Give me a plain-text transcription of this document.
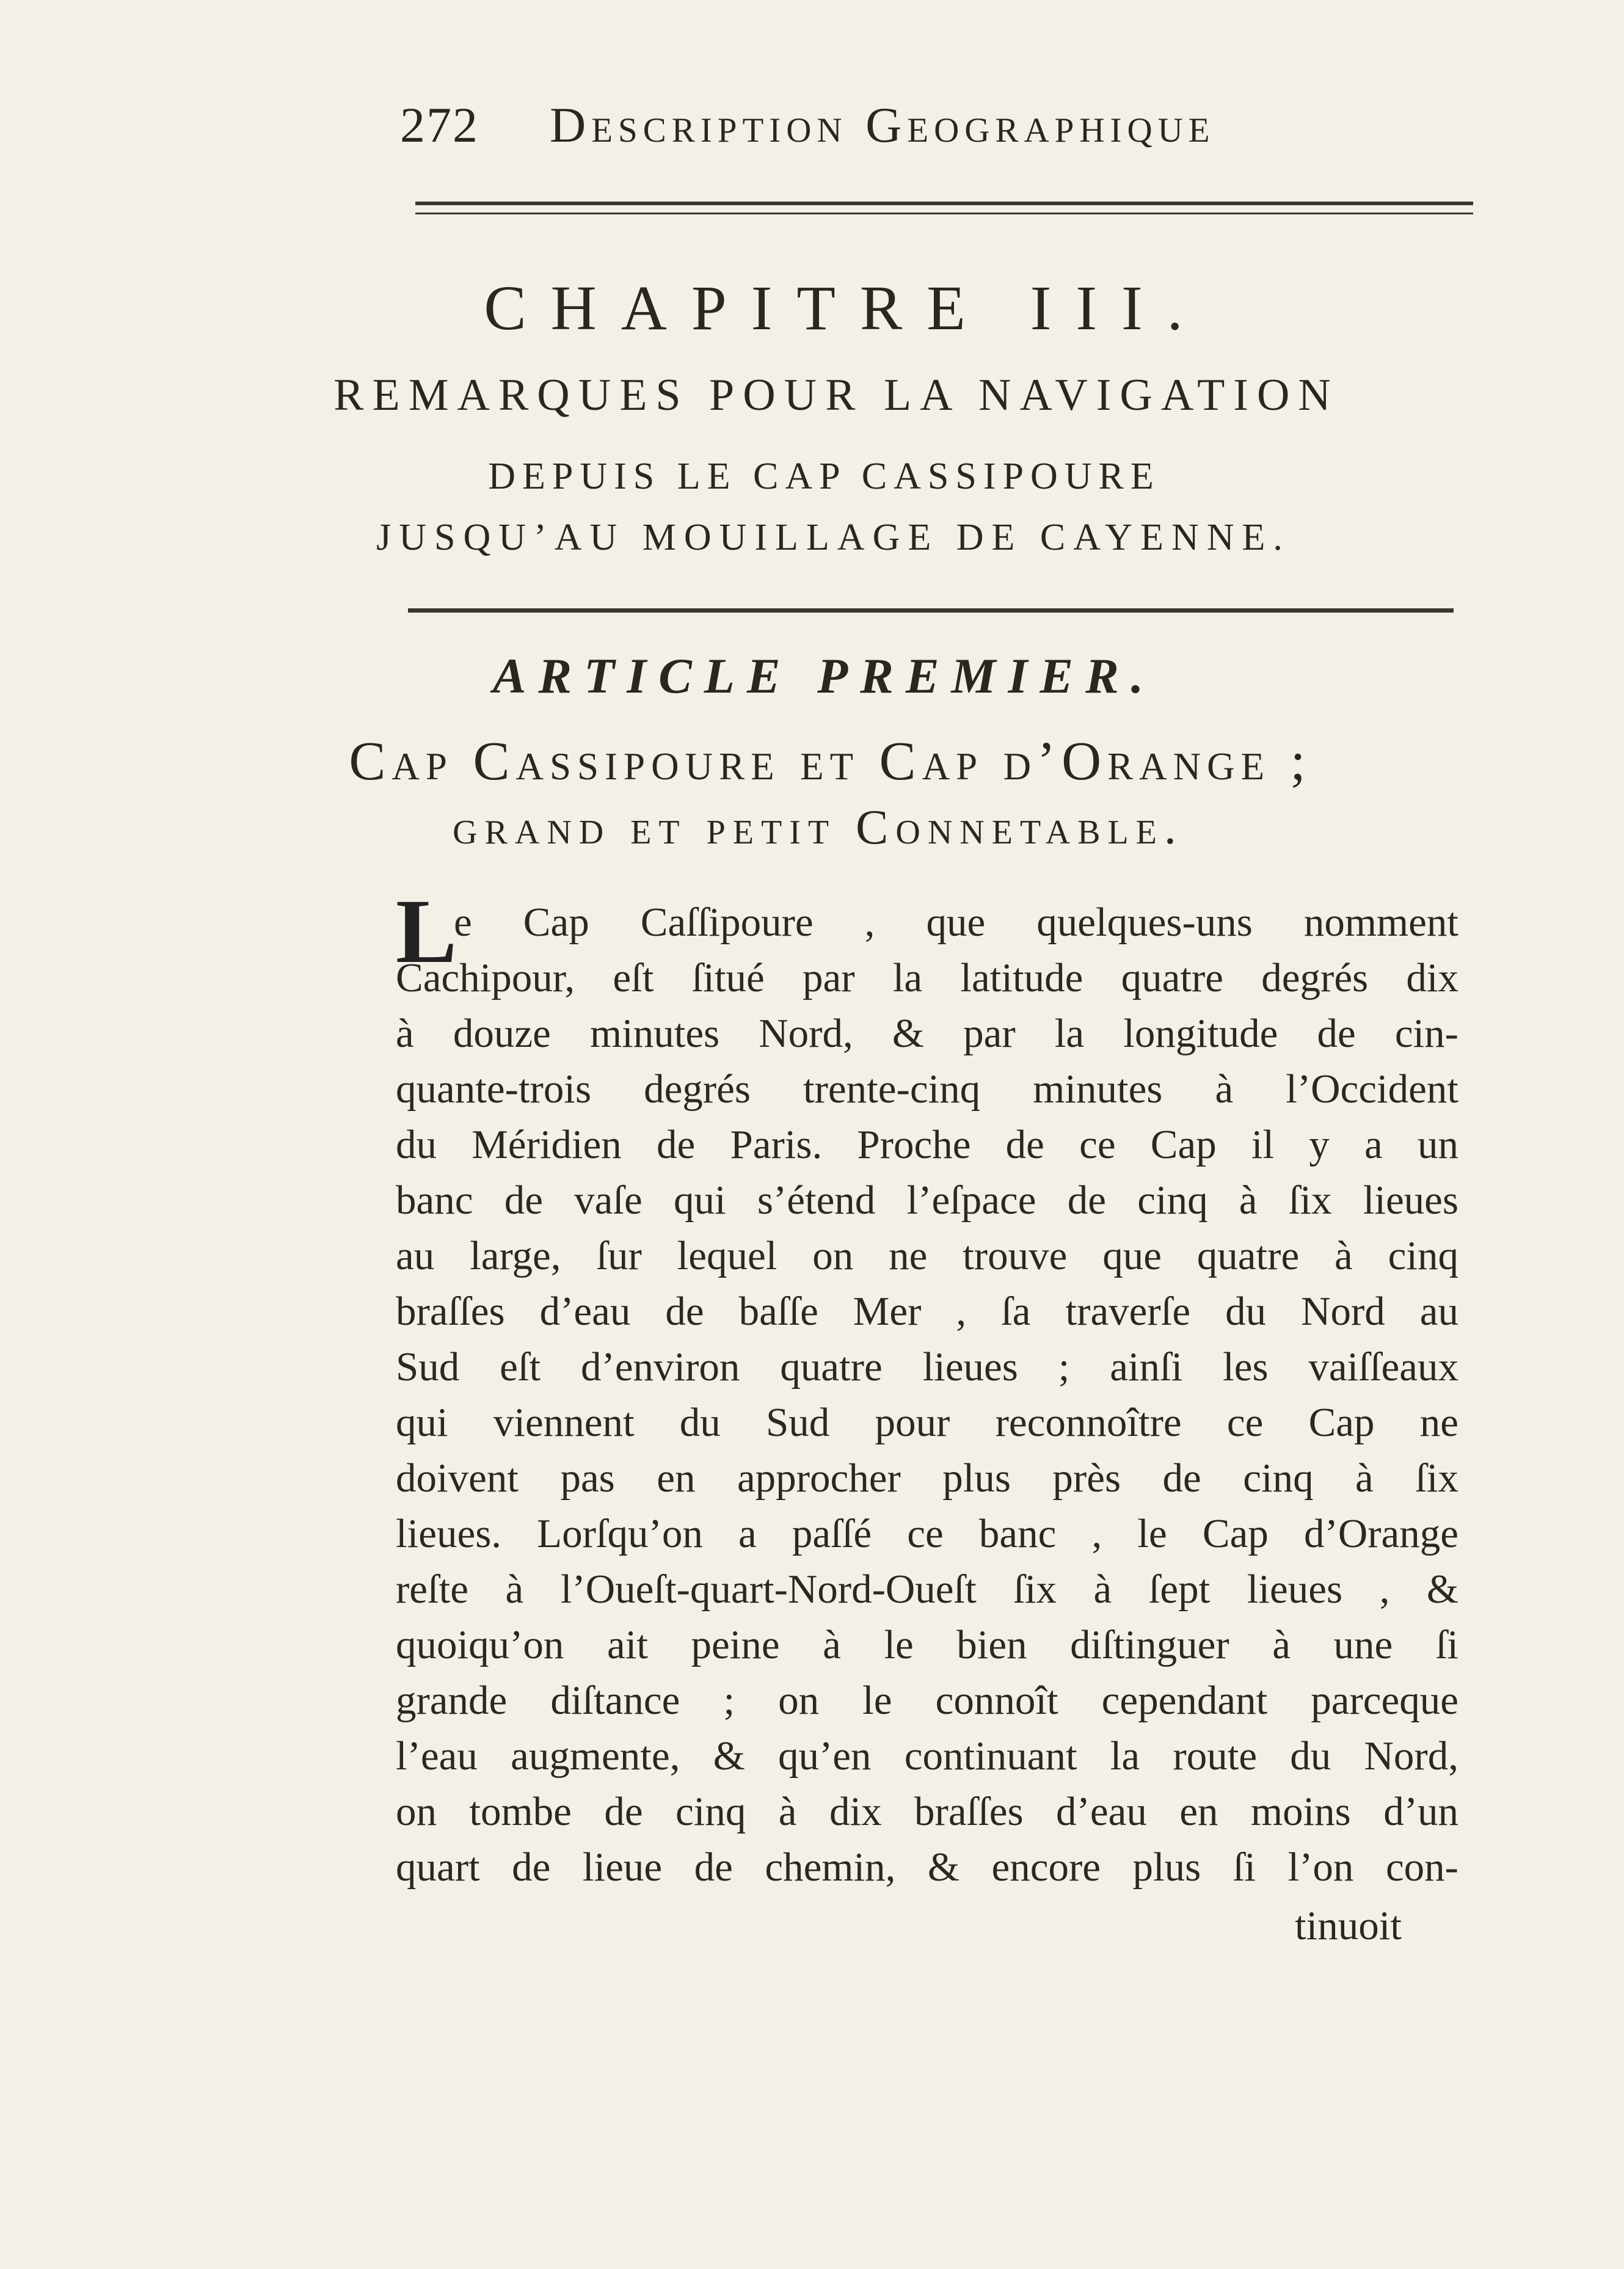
272 Description Geographique
CHAPITRE III.
REMARQUES POUR LA NAVIGATION
DEPUIS LE CAP CASSIPOURE
JUSQU’AU MOUILLAGE DE CAYENNE.
ARTICLE PREMIER.
Cap Cassipoure et Cap d’Orange ;
grand et petit Connetable.
L
e Cap Caſſipoure , que quelques-uns nomment
Cachipour, eſt ſitué par la latitude quatre degrés dix
à douze minutes Nord, & par la longitude de cin-
quante-trois degrés trente-cinq minutes à l’Occident
du Méridien de Paris. Proche de ce Cap il y a un
banc de vaſe qui s’étend l’eſpace de cinq à ſix lieues
au large, ſur lequel on ne trouve que quatre à cinq
braſſes d’eau de baſſe Mer , ſa traverſe du Nord au
Sud eſt d’environ quatre lieues ; ainſi les vaiſſeaux
qui viennent du Sud pour reconnoître ce Cap ne
doivent pas en approcher plus près de cinq à ſix
lieues. Lorſqu’on a paſſé ce banc , le Cap d’Orange
reſte à l’Oueſt-quart-Nord-Oueſt ſix à ſept lieues , &
quoiqu’on ait peine à le bien diſtinguer à une ſi
grande diſtance ; on le connoît cependant parceque
l’eau augmente, & qu’en continuant la route du Nord,
on tombe de cinq à dix braſſes d’eau en moins d’un
quart de lieue de chemin, & encore plus ſi l’on con-
tinuoit
